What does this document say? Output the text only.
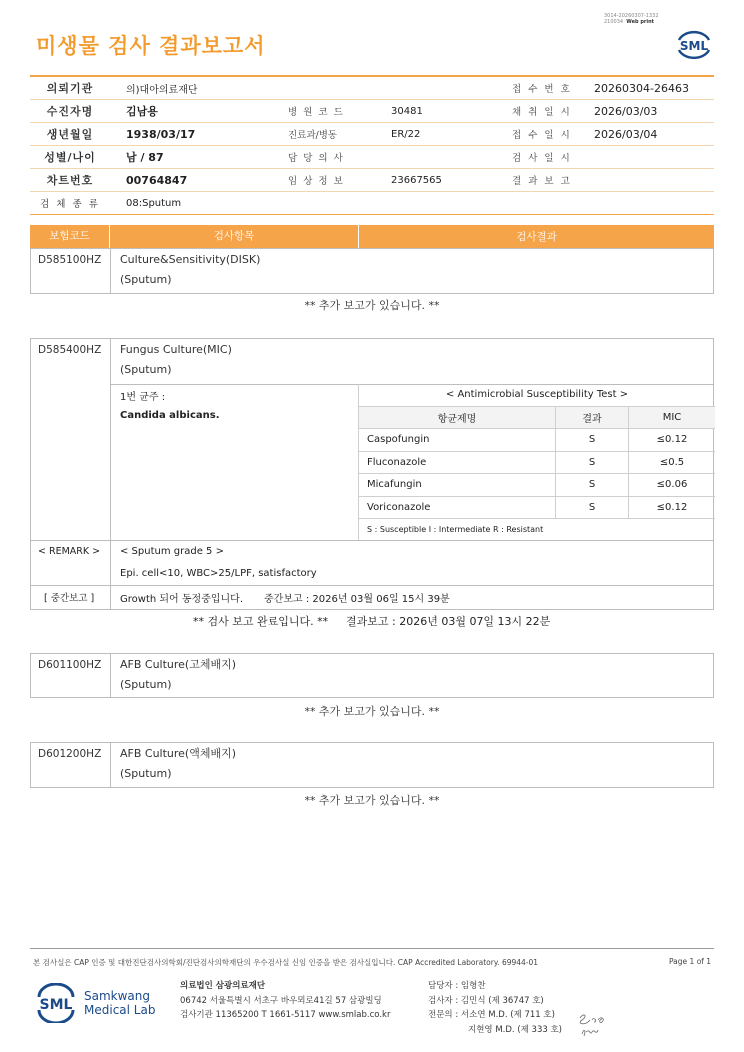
미생물 검사 결과보고서
3014-20260307-1332
210034 Web print
SML
의뢰기관	의)대아의료재단	접 수 번 호	20260304-26463
수진자명	김남용	병 원 코 드	30481	채 취 일 시	2026/03/03
생년월일	1938/03/17	진료과/병동	ER/22	접 수 일 시	2026/03/04
성별/나이	남 / 87	담 당 의 사	검 사 일 시
차트번호	00764847	임 상 정 보	23667565	결 과 보 고
검 체 종 류	08:Sputum
보험코드	검사항목	검사결과
D585100HZ Culture&Sensitivity(DISK)
(Sputum)
** 추가 보고가 있습니다. **
D585400HZ Fungus Culture(MIC)
(Sputum)
1번 균주 :
Candida albicans.
< Antimicrobial Susceptibility Test >		
항균제명	결과	MIC
Caspofungin	S	≤0.12
Fluconazole	S	≤0.5
Micafungin	S	≤0.06
Voriconazole	S	≤0.12
S : Susceptible I : Intermediate R : Resistant		
< REMARK > < Sputum grade 5 >
Epi. cell<10, WBC>25/LPF, satisfactory
[ 중간보고 ]	Growth 되어 동정중입니다. 중간보고 : 2026년 03월 06일 15시 39분
** 검사 보고 완료입니다. ** 결과보고 : 2026년 03월 07일 13시 22분
D601100HZ AFB Culture(고체배지)
(Sputum)
** 추가 보고가 있습니다. **
D601200HZ AFB Culture(액체배지)
(Sputum)
** 추가 보고가 있습니다. **
본 검사실은 CAP 인증 및 대한진단검사의학회/진단검사의학재단의 우수검사실 신임 인증을 받은 검사실입니다. CAP Accredited Laboratory. 69944-01	Page 1 of 1
SML
Samkwang
Medical Lab
의료법인 삼광의료재단
06742 서울특별시 서초구 바우뫼로41길 57 삼광빌딩
검사기관 11365200 T 1661-5117 www.smlab.co.kr
담당자 : 임형찬
검사자 : 김민식 (제 36747 호)
전문의 : 서소연 M.D. (제 711 호)
지현영 M.D. (제 333 호)
